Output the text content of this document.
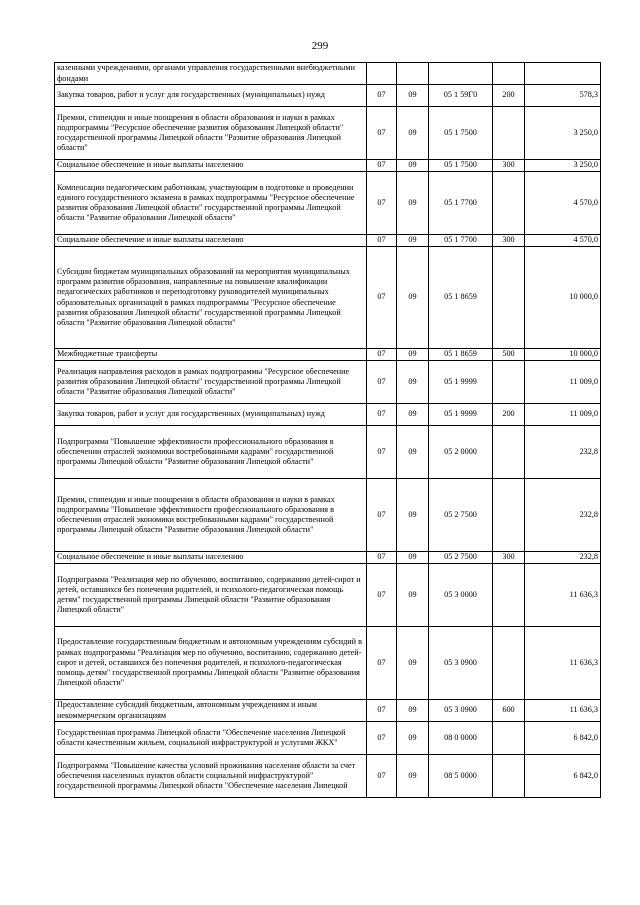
299
казенными учреждениями, органами управления государственными внебюджетными фондами					
Закупка товаров, работ и услуг для государственных (муниципальных) нужд	07	09	05 1 59Г0	200	578,3
Премии, стипендии и иные поощрения в области образования и науки в рамках подпрограммы "Ресурсное обеспечение развития образования Липецкой области" государственной программы Липецкой области "Развитие образования Липецкой области"	07	09	05 1 7500		3 250,0
Социальное обеспечение и иные выплаты населению	07	09	05 1 7500	300	3 250,0
Компенсации педагогическим работникам, участвующим в подготовке и проведении единого государственного экзамена в рамках подпрограммы "Ресурсное обеспечение развития образования Липецкой области" государственной программы Липецкой области "Развитие образования Липецкой области"	07	09	05 1 7700		4 570,0
Социальное обеспечение и иные выплаты населению	07	09	05 1 7700	300	4 570,0
Субсидии бюджетам муниципальных образований на мероприятия муниципальных программ развития образования, направленные на повышение квалификации педагогических работников и переподготовку руководителей муниципальных образовательных организаций в рамках подпрограммы "Ресурсное обеспечение развития образования Липецкой области" государственной программы Липецкой области "Развитие образования Липецкой области"	07	09	05 1 8659		10 000,0
Межбюджетные трансферты	07	09	05 1 8659	500	10 000,0
Реализация направления расходов в рамках подпрограммы "Ресурсное обеспечение развития образования Липецкой области" государственной программы Липецкой области "Развитие образования Липецкой области"	07	09	05 1 9999		11 009,0
Закупка товаров, работ и услуг для государственных (муниципальных) нужд	07	09	05 1 9999	200	11 009,0
Подпрограмма "Повышение эффективности профессионального образования в обеспечении отраслей экономики востребованными кадрами" государственной программы Липецкой области "Развитие образования Липецкой области"	07	09	05 2 0000		232,8
Премии, стипендии и иные поощрения в области образования и науки в рамках подпрограммы "Повышение эффективности профессионального образования в обеспечении отраслей экономики востребованными кадрами" государственной программы Липецкой области "Развитие образования Липецкой области"	07	09	05 2 7500		232,8
Социальное обеспечение и иные выплаты населению	07	09	05 2 7500	300	232,8
Подпрограмма "Реализация мер по обучению, воспитанию, содержанию детей-сирот и детей, оставшихся без попечения родителей, и психолого-педагогическая помощь детям" государственной программы Липецкой области "Развитие образования Липецкой области"	07	09	05 3 0000		11 636,3
Предоставление государственным бюджетным и автономным учреждениям субсидий в рамках подпрограммы "Реализация мер по обучению, воспитанию, содержанию детей-сирот и детей, оставшихся без попечения родителей, и психолого-педагогическая помощь детям" государственной программы Липецкой области "Развитие образования Липецкой области"	07	09	05 3 0900		11 636,3
Предоставление субсидий бюджетным, автономным учреждениям и иным некоммерческим организациям	07	09	05 3 0900	600	11 636,3
Государственная программа Липецкой области "Обеспечение населения Липецкой области качественным жильем, социальной инфраструктурой и услугами ЖКХ"	07	09	08 0 0000		6 842,0
Подпрограмма "Повышение качества условий проживания населения области за счет обеспечения населенных пунктов области социальной инфраструктурой" государственной программы Липецкой области "Обеспечение населения Липецкой	07	09	08 5 0000		6 842,0
